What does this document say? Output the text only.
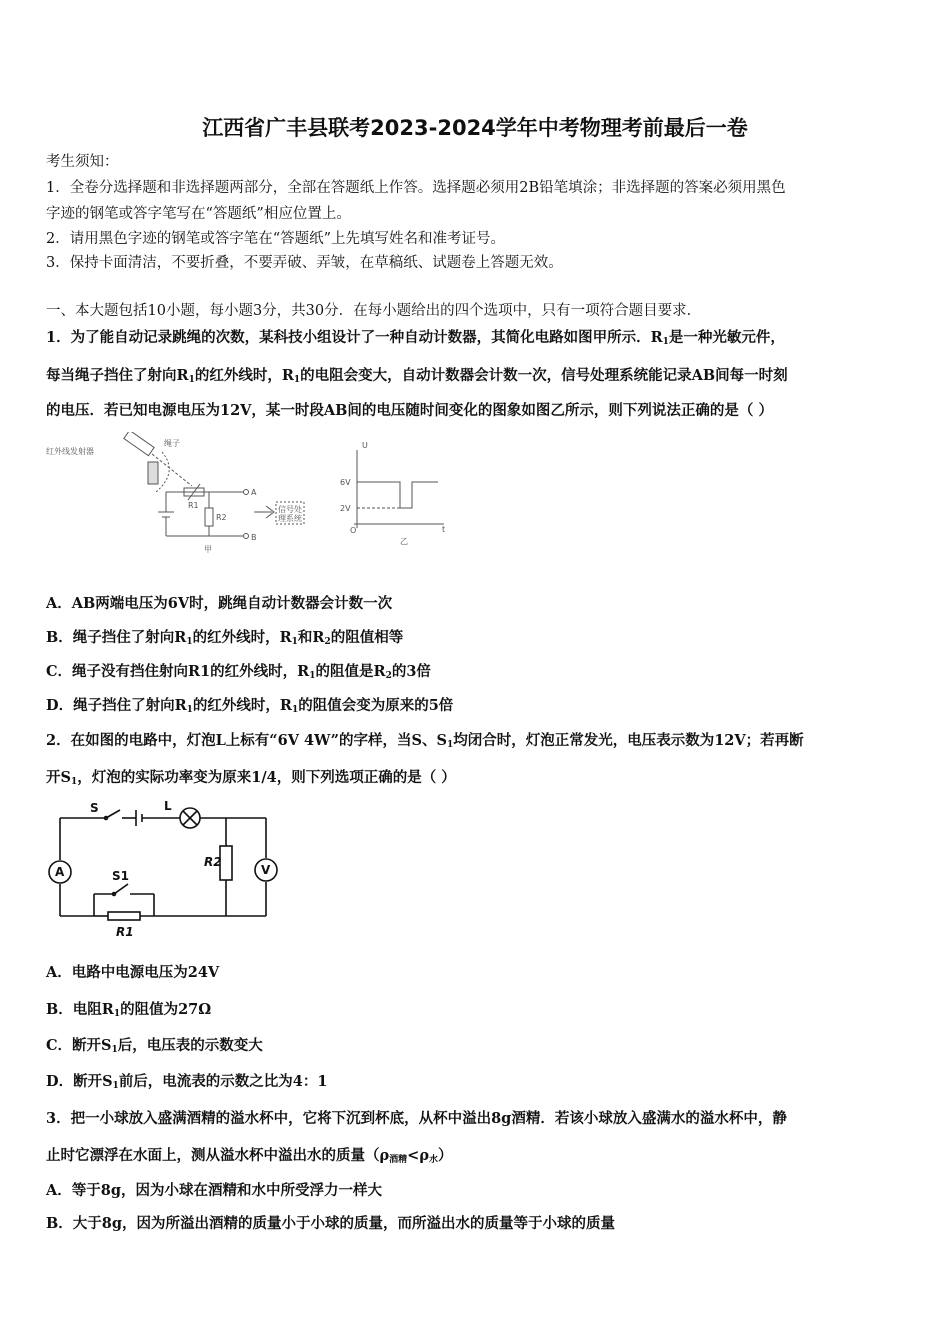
江西省广丰县联考2023-2024学年中考物理考前最后一卷
考生须知：
1．全卷分选择题和非选择题两部分，全部在答题纸上作答。选择题必须用2B铅笔填涂；非选择题的答案必须用黑色
字迹的钢笔或答字笔写在“答题纸”相应位置上。
2．请用黑色字迹的钢笔或答字笔在“答题纸”上先填写姓名和准考证号。
3．保持卡面清洁，不要折叠，不要弄破、弄皱，在草稿纸、试题卷上答题无效。
一、本大题包括10小题，每小题3分，共30分．在每小题给出的四个选项中，只有一项符合题目要求．
1．为了能自动记录跳绳的次数，某科技小组设计了一种自动计数器，其简化电路如图甲所示．$R_1$是一种光敏元件，
每当绳子挡住了射向$R_1$的红外线时，$R_1$的电阻会变大，自动计数器会计数一次，信号处理系统能记录AB间每一时刻
的电压．若已知电源电压为12V，某一时段AB间的电压随时间变化的图象如图乙所示，则下列说法正确的是（ ）
红外线发射器
绳子
R1
R2
A
B
信号处
理系统
甲
U
6V
2V
O	t
乙
A．AB两端电压为6V时，跳绳自动计数器会计数一次
B．绳子挡住了射向$R_1$的红外线时，$R_1$和$R_2$的阻值相等
C．绳子没有挡住射向R1的红外线时，$R_1$的阻值是$R_2$的3倍
D．绳子挡住了射向$R_1$的红外线时，$R_1$的阻值会变为原来的5倍
2．在如图的电路中，灯泡L上标有“6V 4W”的字样，当S、$S_1$均闭合时，灯泡正常发光，电压表示数为12V；若再断
开$S_1$，灯泡的实际功率变为原来1/4，则下列选项正确的是（ ）
S	L
A	V
R2
S1
R1
A．电路中电源电压为24V
B．电阻$R_1$的阻值为27Ω
C．断开$S_1$后，电压表的示数变大
D．断开$S_1$前后，电流表的示数之比为4：1
3．把一小球放入盛满酒精的溢水杯中，它将下沉到杯底，从杯中溢出8g酒精．若该小球放入盛满水的溢水杯中，静
止时它漂浮在水面上，测从溢水杯中溢出水的质量$(\rho_{酒精}<\rho_水)$
A．等于8g，因为小球在酒精和水中所受浮力一样大
B．大于8g，因为所溢出酒精的质量小于小球的质量，而所溢出水的质量等于小球的质量
